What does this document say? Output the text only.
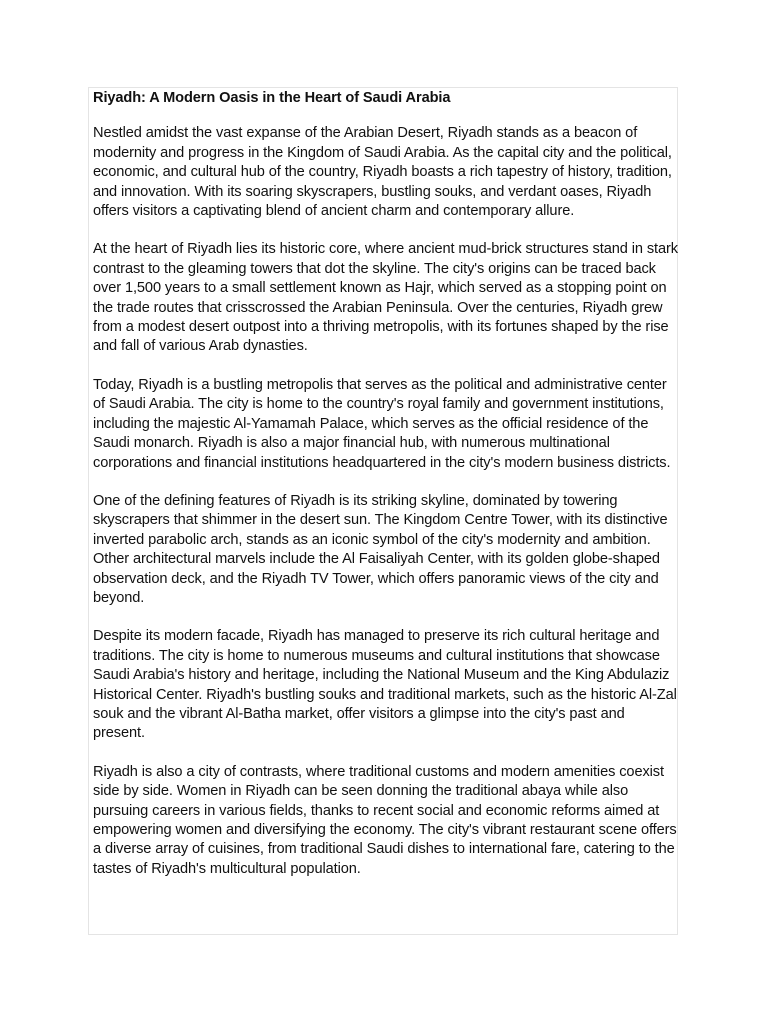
Riyadh: A Modern Oasis in the Heart of Saudi Arabia

Nestled amidst the vast expanse of the Arabian Desert, Riyadh stands as a beacon of modernity and progress in the Kingdom of Saudi Arabia. As the capital city and the political, economic, and cultural hub of the country, Riyadh boasts a rich tapestry of history, tradition, and innovation. With its soaring skyscrapers, bustling souks, and verdant oases, Riyadh offers visitors a captivating blend of ancient charm and contemporary allure.

At the heart of Riyadh lies its historic core, where ancient mud-brick structures stand in stark contrast to the gleaming towers that dot the skyline. The city's origins can be traced back over 1,500 years to a small settlement known as Hajr, which served as a stopping point on the trade routes that crisscrossed the Arabian Peninsula. Over the centuries, Riyadh grew from a modest desert outpost into a thriving metropolis, with its fortunes shaped by the rise and fall of various Arab dynasties.

Today, Riyadh is a bustling metropolis that serves as the political and administrative center of Saudi Arabia. The city is home to the country's royal family and government institutions, including the majestic Al-Yamamah Palace, which serves as the official residence of the Saudi monarch. Riyadh is also a major financial hub, with numerous multinational corporations and financial institutions headquartered in the city's modern business districts.

One of the defining features of Riyadh is its striking skyline, dominated by towering skyscrapers that shimmer in the desert sun. The Kingdom Centre Tower, with its distinctive inverted parabolic arch, stands as an iconic symbol of the city's modernity and ambition. Other architectural marvels include the Al Faisaliyah Center, with its golden globe-shaped observation deck, and the Riyadh TV Tower, which offers panoramic views of the city and beyond.

Despite its modern facade, Riyadh has managed to preserve its rich cultural heritage and traditions. The city is home to numerous museums and cultural institutions that showcase Saudi Arabia's history and heritage, including the National Museum and the King Abdulaziz Historical Center. Riyadh's bustling souks and traditional markets, such as the historic Al-Zal souk and the vibrant Al-Batha market, offer visitors a glimpse into the city's past and present.

Riyadh is also a city of contrasts, where traditional customs and modern amenities coexist side by side. Women in Riyadh can be seen donning the traditional abaya while also pursuing careers in various fields, thanks to recent social and economic reforms aimed at empowering women and diversifying the economy. The city's vibrant restaurant scene offers a diverse array of cuisines, from traditional Saudi dishes to international fare, catering to the tastes of Riyadh's multicultural population.
